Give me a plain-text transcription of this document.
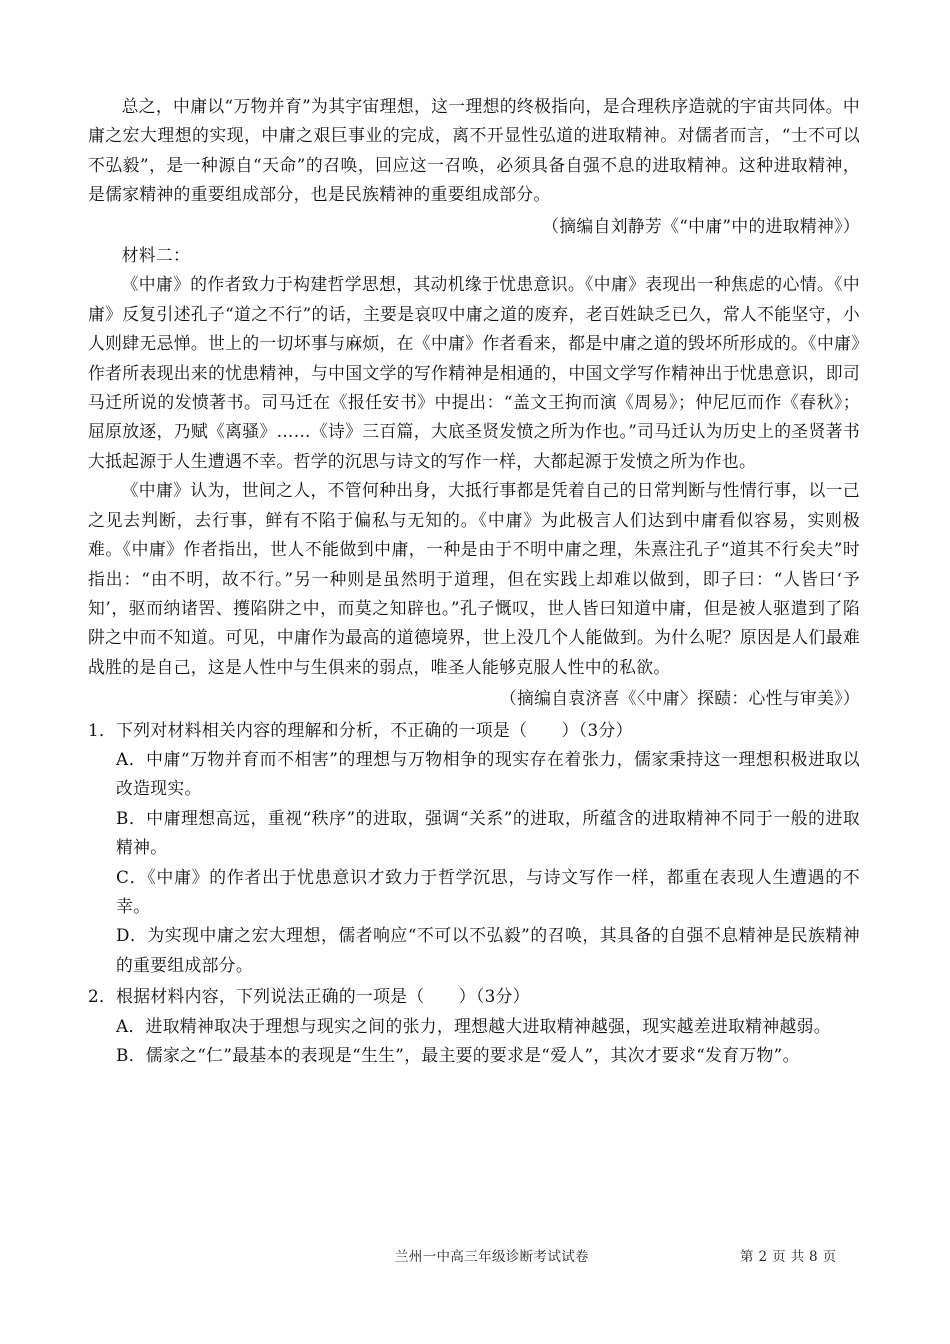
总之，中庸以“万物并育”为其宇宙理想，这一理想的终极指向，是合理秩序造就的宇宙共同体。中庸之宏大理想的实现，中庸之艰巨事业的完成，离不开显性弘道的进取精神。对儒者而言，“士不可以不弘毅”，是一种源自“天命”的召唤，回应这一召唤，必须具备自强不息的进取精神。这种进取精神，是儒家精神的重要组成部分，也是民族精神的重要组成部分。

（摘编自刘静芳《“中庸”中的进取精神》）

材料二：

《中庸》的作者致力于构建哲学思想，其动机缘于忧患意识。《中庸》表现出一种焦虑的心情。《中庸》反复引述孔子“道之不行”的话，主要是哀叹中庸之道的废弃，老百姓缺乏已久，常人不能坚守，小人则肆无忌惮。世上的一切坏事与麻烦，在《中庸》作者看来，都是中庸之道的毁坏所形成的。《中庸》作者所表现出来的忧患精神，与中国文学的写作精神是相通的，中国文学写作精神出于忧患意识，即司马迁所说的发愤著书。司马迁在《报任安书》中提出：“盖文王拘而演《周易》；仲尼厄而作《春秋》；屈原放逐，乃赋《离骚》……《诗》三百篇，大底圣贤发愤之所为作也。”司马迁认为历史上的圣贤著书大抵起源于人生遭遇不幸。哲学的沉思与诗文的写作一样，大都起源于发愤之所为作也。

《中庸》认为，世间之人，不管何种出身，大抵行事都是凭着自己的日常判断与性情行事，以一己之见去判断，去行事，鲜有不陷于偏私与无知的。《中庸》为此极言人们达到中庸看似容易，实则极难。《中庸》作者指出，世人不能做到中庸，一种是由于不明中庸之理，朱熹注孔子“道其不行矣夫”时指出：“由不明，故不行。”另一种则是虽然明于道理，但在实践上却难以做到，即子曰：“人皆曰‘予知’，驱而纳诸罟、擭陷阱之中，而莫之知辟也。”孔子慨叹，世人皆曰知道中庸，但是被人驱遣到了陷阱之中而不知道。可见，中庸作为最高的道德境界，世上没几个人能做到。为什么呢？原因是人们最难战胜的是自己，这是人性中与生俱来的弱点，唯圣人能够克服人性中的私欲。

（摘编自袁济喜《〈中庸〉探赜：心性与审美》）

1．下列对材料相关内容的理解和分析，不正确的一项是（　　）（3分）

A．中庸“万物并育而不相害”的理想与万物相争的现实存在着张力，儒家秉持这一理想积极进取以改造现实。

B．中庸理想高远，重视“秩序”的进取，强调“关系”的进取，所蕴含的进取精神不同于一般的进取精神。

C．《中庸》的作者出于忧患意识才致力于哲学沉思，与诗文写作一样，都重在表现人生遭遇的不幸。

D．为实现中庸之宏大理想，儒者响应“不可以不弘毅”的召唤，其具备的自强不息精神是民族精神的重要组成部分。

2．根据材料内容，下列说法正确的一项是（　　）（3分）

A．进取精神取决于理想与现实之间的张力，理想越大进取精神越强，现实越差进取精神越弱。

B．儒家之“仁”最基本的表现是“生生”，最主要的要求是“爱人”，其次才要求“发育万物”。

兰州一中高三年级诊断考试试卷	第 2 页 共 8 页
